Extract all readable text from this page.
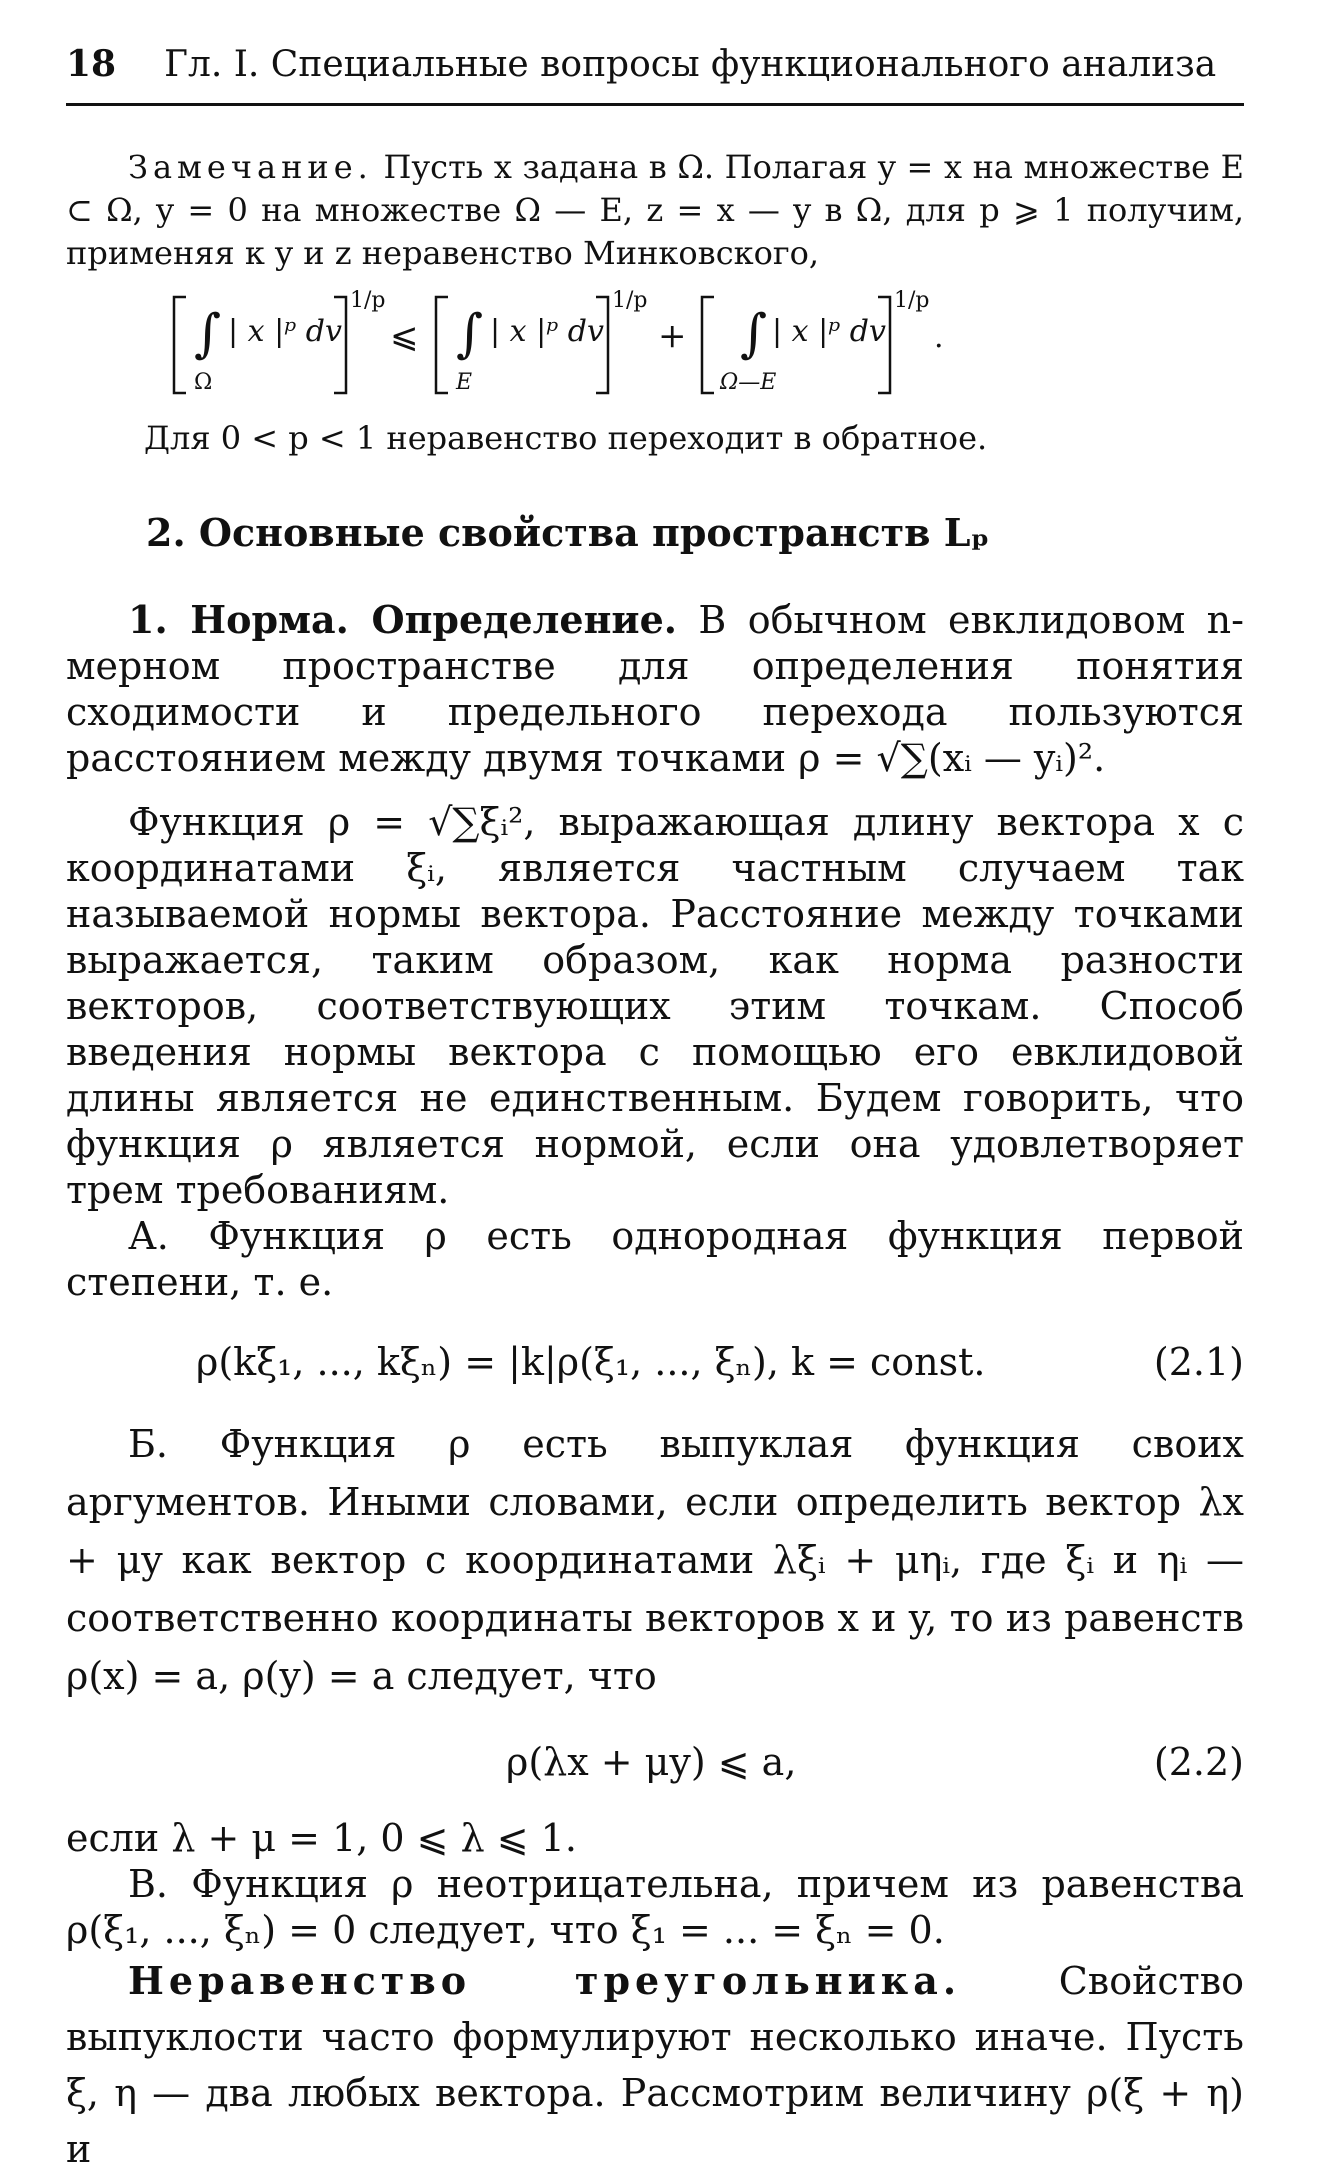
18 Гл. I. Специальные вопросы функционального анализа
Замечание. Пусть x задана в Ω. Полагая y = x на множестве E ⊂ Ω, y = 0 на множестве Ω — E, z = x — y в Ω, для p ⩾ 1 получим, применяя к y и z неравенство Минковского,
∫
Ω
| x |ᵖ dv
1/p
⩽ ∫
E
| x |ᵖ dv
1/p
+ ∫
Ω—E
| x |ᵖ dv
1/p
.
Для 0 < p < 1 неравенство переходит в обратное.
2. Основные свойства пространств Lₚ

1. Норма. Определение. В обычном евклидовом n-мерном пространстве для определения понятия сходимости и предельного перехода пользуются расстоянием между двумя точками ρ = √∑(xᵢ — yᵢ)².

Функция ρ = √∑ξᵢ², выражающая длину вектора x с координатами ξᵢ, является частным случаем так называемой нормы вектора. Расстояние между точками выражается, таким образом, как норма разности векторов, соответствующих этим точкам. Способ введения нормы вектора с помощью его евклидовой длины является не единственным. Будем говорить, что функция ρ является нормой, если она удовлетворяет трем требованиям.

А. Функция ρ есть однородная функция первой степени, т. е.

ρ(kξ₁, ..., kξₙ) = |k|ρ(ξ₁, ..., ξₙ), k = const.	(2.1)

Б. Функция ρ есть выпуклая функция своих аргументов. Иными словами, если определить вектор λx + μy как вектор с координатами λξᵢ + μηᵢ, где ξᵢ и ηᵢ — соответственно координаты векторов x и y, то из равенств ρ(x) = a, ρ(y) = a следует, что

ρ(λx + μy) ⩽ a,	(2.2)

если λ + μ = 1, 0 ⩽ λ ⩽ 1.

В. Функция ρ неотрицательна, причем из равенства ρ(ξ₁, ..., ξₙ) = 0 следует, что ξ₁ = ... = ξₙ = 0.

Неравенство треугольника. Свойство выпуклости часто формулируют несколько иначе. Пусть ξ, η — два любых вектора. Рассмотрим величину ρ(ξ + η) и
